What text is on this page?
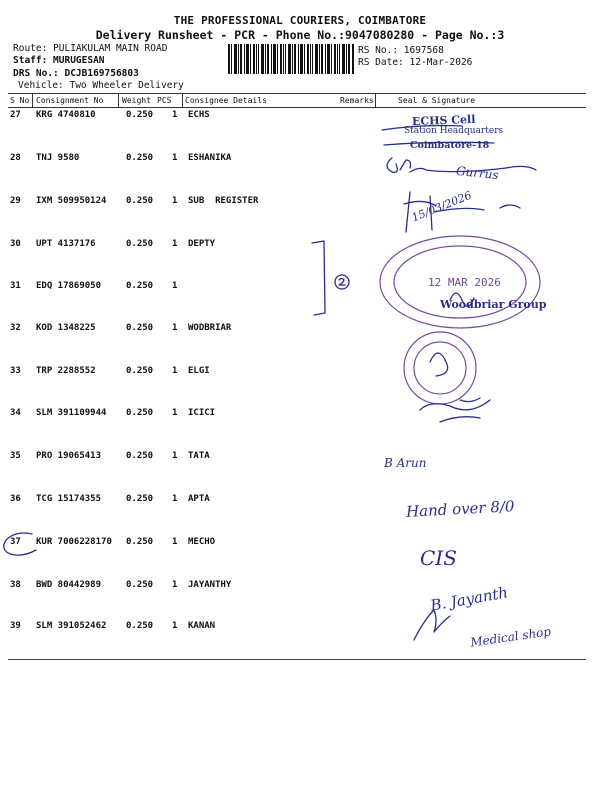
THE PROFESSIONAL COURIERS, COIMBATORE
Delivery Runsheet - PCR - Phone No.:9047080280 - Page No.:3
Route: PULIAKULAM MAIN ROAD
Staff: MURUGESAN
DRS No.: DCJB169756803
Vehicle: Two Wheeler Delivery
RS No.: 1697568
RS Date: 12-Mar-2026
S No Consignment No Weight PCS Consignee Details	Remarks	Seal & Signature
27 KRG 4740810	0.250 1 ECHS
28 TNJ 9580	0.250 1 ESHANIKA
29 IXM 509950124 0.250 1 SUB  REGISTER
30 UPT 4137176	0.250 1 DEPTY
31 EDQ 17869050	0.250 1
32 KOD 1348225	0.250 1 WODBRIAR
33 TRP 2288552	0.250 1 ELGI
34 SLM 391109944 0.250 1 ICICI
35 PRO 19065413	0.250 1 TATA
36 TCG 15174355	0.250 1 APTA
37 KUR 7006228170 0.250 1 MECHO
38 BWD 80442989	0.250 1 JAYANTHY
39 SLM 391052462 0.250 1 KANAN
ECHS Cell
Station Headquarters
Coimbatore-18
Gurrus
15/03/2026
12 MAR 2026
Woodbriar Group
B Arun
Hand over 8/0
CIS
B. Jayanth
Medical shop
